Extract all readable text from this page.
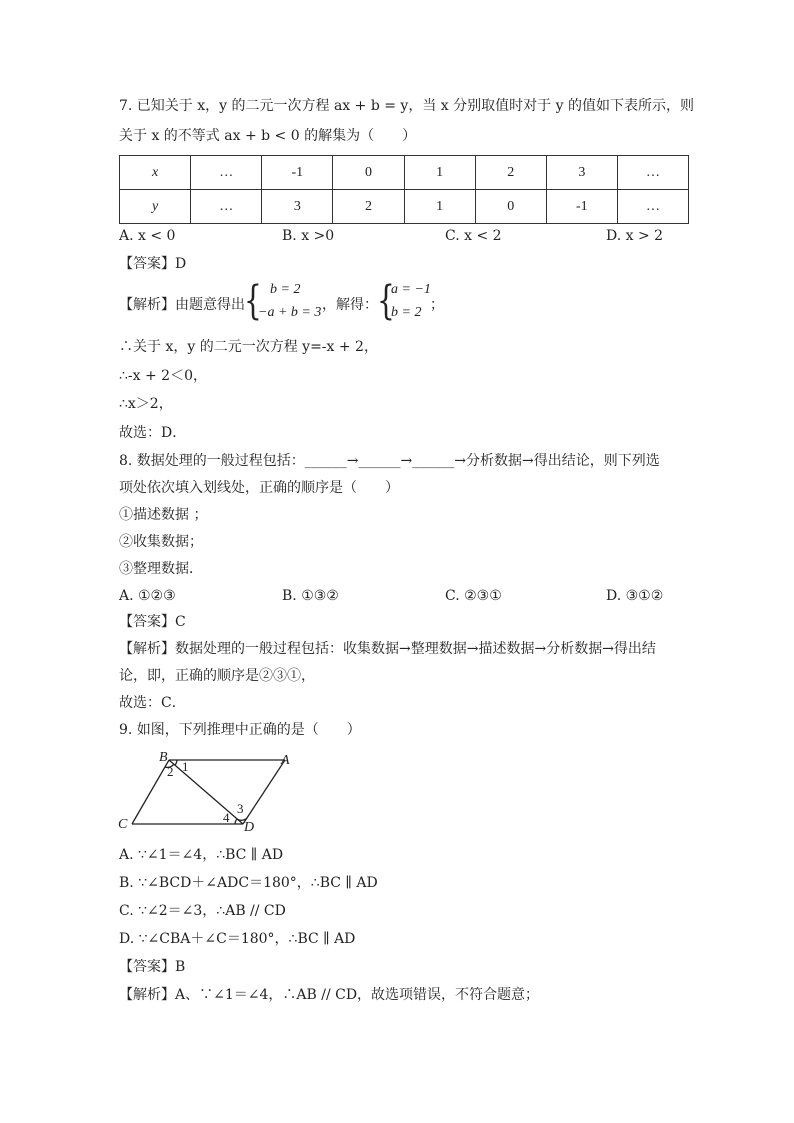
7. 已知关于 x，y 的二元一次方程 ax + b = y，当 x 分别取值时对于 y 的值如下表所示，则
关于 x 的不等式 ax + b < 0 的解集为（　　）
x	…	-1	0	1	2	3	…
y	…	3	2	1	0	-1	…
A. x < 0	B. x >0	C. x < 2	D. x > 2
【答案】D
【解析】由题意得出 { b = 2
−a + b = 3 ，解得： {
a = −1
b = 2 ；
∴关于 x，y 的二元一次方程 y=-x + 2，
∴-x + 2＜0，
∴x＞2，
故选：D．
8. 数据处理的一般过程包括：______→______→______→分析数据→得出结论，则下列选
项处依次填入划线处，正确的顺序是（　　）
①描述数据 ；
②收集数据；
③整理数据．
A. ①②③	B. ①③②	C. ②③①	D. ③①②
【答案】C
【解析】数据处理的一般过程包括：收集数据→整理数据→描述数据→分析数据→得出结
论，即，正确的顺序是②③①，
故选：C．
9. 如图，下列推理中正确的是（　　）
B	A
C	D
1
2
3
4
A. ∵∠1＝∠4，∴BC ∥ AD
B. ∵∠BCD＋∠ADC＝180°，∴BC ∥ AD
C. ∵∠2＝∠3，∴AB // CD
D. ∵∠CBA＋∠C＝180°，∴BC ∥ AD
【答案】B
【解析】A、∵∠1＝∠4，∴AB // CD，故选项错误，不符合题意；
